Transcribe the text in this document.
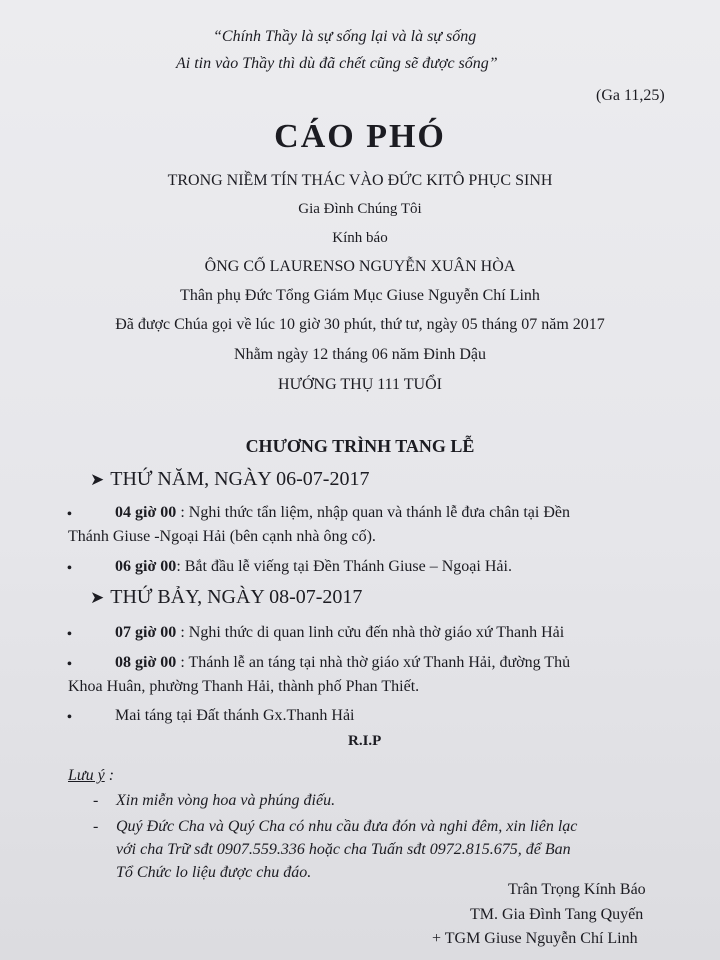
“Chính Thầy là sự sống lại và là sự sống
Ai tin vào Thầy thì dù đã chết cũng sẽ được sống”
(Ga 11,25)
CÁO PHÓ
TRONG NIỀM TÍN THÁC VÀO ĐỨC KITÔ PHỤC SINH
Gia Đình Chúng Tôi
Kính báo
ÔNG CỐ LAURENSO NGUYỄN XUÂN HÒA
Thân phụ Đức Tổng Giám Mục Giuse Nguyễn Chí Linh
Đã được Chúa gọi về lúc 10 giờ 30 phút, thứ tư, ngày 05 tháng 07 năm 2017
Nhằm ngày 12 tháng 06 năm Đinh Dậu
HƯỚNG THỤ 111 TUỔI
CHƯƠNG TRÌNH TANG LỄ
➤ THỨ NĂM, NGÀY 06-07-2017
•	04 giờ 00 : Nghi thức tẩn liệm, nhập quan và thánh lễ đưa chân tại Đền
Thánh Giuse -Ngoại Hải (bên cạnh nhà ông cố).
•	06 giờ 00: Bắt đầu lễ viếng tại Đền Thánh Giuse – Ngoại Hải.
➤ THỨ BẢY, NGÀY 08-07-2017
•	07 giờ 00 : Nghi thức di quan linh cửu đến nhà thờ giáo xứ Thanh Hải
•	08 giờ 00 : Thánh lễ an táng tại nhà thờ giáo xứ Thanh Hải, đường Thủ
Khoa Huân, phường Thanh Hải, thành phố Phan Thiết.
•	Mai táng tại Đất thánh Gx.Thanh Hải
R.I.P
Lưu ý :
- Xin miễn vòng hoa và phúng điếu.
- Quý Đức Cha và Quý Cha có nhu cầu đưa đón và nghi đêm, xin liên lạc
với cha Trữ sđt 0907.559.336 hoặc cha Tuấn sđt 0972.815.675, để Ban
Tổ Chức lo liệu được chu đáo.
Trân Trọng Kính Báo
TM. Gia Đình Tang Quyến
+ TGM Giuse Nguyễn Chí Linh
